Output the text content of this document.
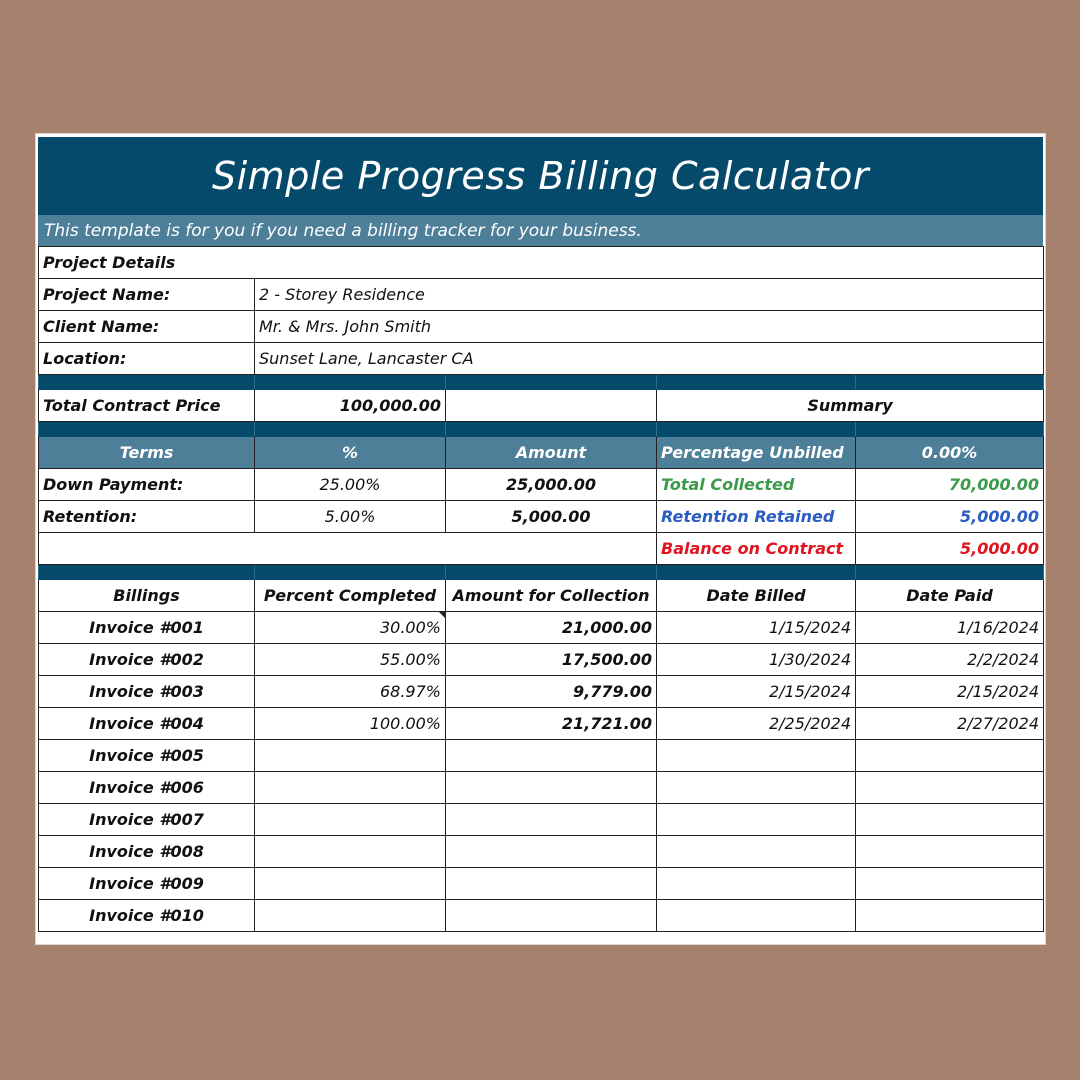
Simple Progress Billing Calculator
This template is for you if you need a billing tracker for your business.
Project Details				
Project Name:	2 - Storey Residence			
Client Name:	Mr. & Mrs. John Smith			
Location:	Sunset Lane, Lancaster CA			

Total Contract Price	100,000.00		Summary	

Terms	%	Amount	Percentage Unbilled	0.00%
Down Payment:	25.00%	25,000.00	Total Collected	70,000.00
Retention:	5.00%	5,000.00	Retention Retained	5,000.00
			Balance on Contract	5,000.00

Billings	Percent Completed	Amount for Collection	Date Billed	Date Paid
Invoice #001	30.00%	21,000.00	1/15/2024	1/16/2024
Invoice #002	55.00%	17,500.00	1/30/2024	2/2/2024
Invoice #003	68.97%	9,779.00	2/15/2024	2/15/2024
Invoice #004	100.00%	21,721.00	2/25/2024	2/27/2024
Invoice #005				
Invoice #006				
Invoice #007				
Invoice #008				
Invoice #009				
Invoice #010				
